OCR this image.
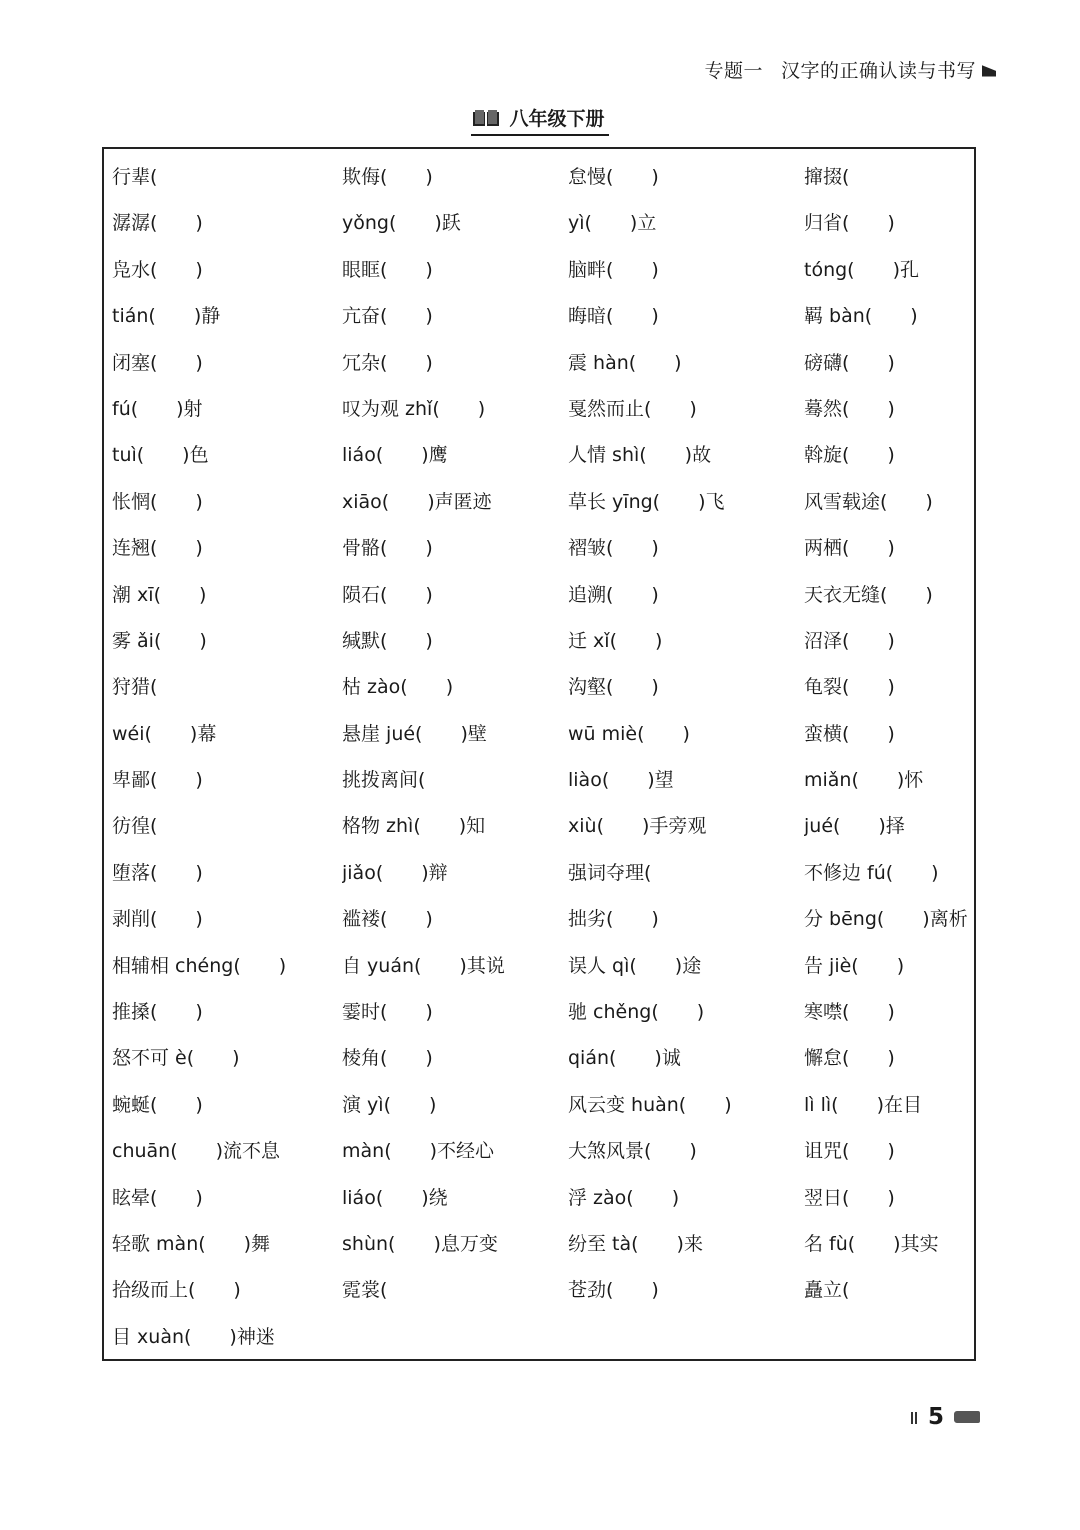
专题一 汉字的正确认读与书写
八年级下册
行辈(	欺侮(　　)	怠慢(　　)	撺掇(
潺潺(　　)	yǒng(　　)跃	yì(　　)立	归省(　　)
凫水(　　)	眼眶(　　)	脑畔(　　)	tóng(　　)孔
tián(　　)静	亢奋(　　)	晦暗(　　)	羁 bàn(　　)
闭塞(　　)	冗杂(　　)	震 hàn(　　)	磅礴(　　)
fú(　　)射	叹为观 zhǐ(　　)	戛然而止(　　)	蓦然(　　)
tuì(　　)色	liáo(　　)鹰	人情 shì(　　)故	斡旋(　　)
怅惘(　　)	xiāo(　　)声匿迹	草长 yīng(　　)飞	风雪载途(　　)
连翘(　　)	骨骼(　　)	褶皱(　　)	两栖(　　)
潮 xī(　　)	陨石(　　)	追溯(　　)	天衣无缝(　　)
雾 ǎi(　　)	缄默(　　)	迁 xǐ(　　)	沼泽(　　)
狩猎(	枯 zào(　　)	沟壑(　　)	龟裂(　　)
wéi(　　)幕	悬崖 jué(　　)壁	wū miè(　　)	蛮横(　　)
卑鄙(　　)	挑拨离间(	liào(　　)望	miǎn(　　)怀
彷徨(	格物 zhì(　　)知	xiù(　　)手旁观	jué(　　)择
堕落(　　)	jiǎo(　　)辩	强词夺理(	不修边 fú(　　)
剥削(　　)	褴褛(　　)	拙劣(　　)	分 bēng(　　)离析
相辅相 chéng(　　)	自 yuán(　　)其说	误人 qì(　　)途	告 jiè(　　)
推搡(　　)	霎时(　　)	驰 chěng(　　)	寒噤(　　)
怒不可 è(　　)	棱角(　　)	qián(　　)诚	懈怠(　　)
蜿蜒(　　)	演 yì(　　)	风云变 huàn(　　)	lì lì(　　)在目
chuān(　　)流不息	màn(　　)不经心	大煞风景(　　)	诅咒(　　)
眩晕(　　)	liáo(　　)绕	浮 zào(　　)	翌日(　　)
轻歌 màn(　　)舞	shùn(　　)息万变	纷至 tà(　　)来	名 fù(　　)其实
拾级而上(　　)	霓裳(	苍劲(　　)	矗立(
目 xuàn(　　)神迷
5
